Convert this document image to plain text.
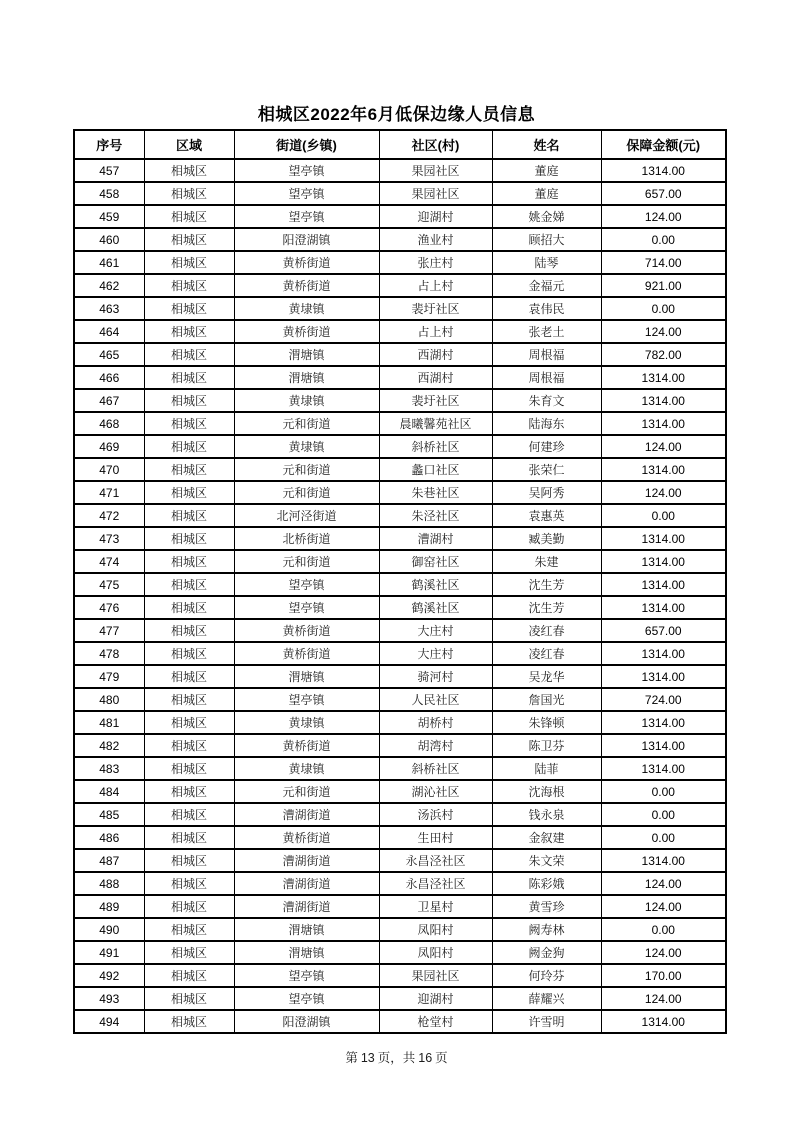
相城区2022年6月低保边缘人员信息
序号	区域	街道(乡镇)	社区(村)	姓名	保障金额(元)
457	相城区	望亭镇	果园社区	董庭	1314.00
458	相城区	望亭镇	果园社区	董庭	657.00
459	相城区	望亭镇	迎湖村	姚金娣	124.00
460	相城区	阳澄湖镇	渔业村	顾招大	0.00
461	相城区	黄桥街道	张庄村	陆琴	714.00
462	相城区	黄桥街道	占上村	金福元	921.00
463	相城区	黄埭镇	裴圩社区	袁伟民	0.00
464	相城区	黄桥街道	占上村	张老土	124.00
465	相城区	渭塘镇	西湖村	周根福	782.00
466	相城区	渭塘镇	西湖村	周根福	1314.00
467	相城区	黄埭镇	裴圩社区	朱育文	1314.00
468	相城区	元和街道	晨曦馨苑社区	陆海东	1314.00
469	相城区	黄埭镇	斜桥社区	何建珍	124.00
470	相城区	元和街道	蠡口社区	张荣仁	1314.00
471	相城区	元和街道	朱巷社区	吴阿秀	124.00
472	相城区	北河泾街道	朱泾社区	袁惠英	0.00
473	相城区	北桥街道	漕湖村	臧美勤	1314.00
474	相城区	元和街道	御窑社区	朱建	1314.00
475	相城区	望亭镇	鹤溪社区	沈生芳	1314.00
476	相城区	望亭镇	鹤溪社区	沈生芳	1314.00
477	相城区	黄桥街道	大庄村	凌红春	657.00
478	相城区	黄桥街道	大庄村	凌红春	1314.00
479	相城区	渭塘镇	骑河村	吴龙华	1314.00
480	相城区	望亭镇	人民社区	詹国光	724.00
481	相城区	黄埭镇	胡桥村	朱锋顿	1314.00
482	相城区	黄桥街道	胡湾村	陈卫芬	1314.00
483	相城区	黄埭镇	斜桥社区	陆菲	1314.00
484	相城区	元和街道	湖沁社区	沈海根	0.00
485	相城区	漕湖街道	汤浜村	钱永泉	0.00
486	相城区	黄桥街道	生田村	金叙建	0.00
487	相城区	漕湖街道	永昌泾社区	朱文荣	1314.00
488	相城区	漕湖街道	永昌泾社区	陈彩娥	124.00
489	相城区	漕湖街道	卫星村	黄雪珍	124.00
490	相城区	渭塘镇	凤阳村	阙寿林	0.00
491	相城区	渭塘镇	凤阳村	阙金狗	124.00
492	相城区	望亭镇	果园社区	何玲芬	170.00
493	相城区	望亭镇	迎湖村	薛耀兴	124.00
494	相城区	阳澄湖镇	枪堂村	许雪明	1314.00
第 13 页，共 16 页
